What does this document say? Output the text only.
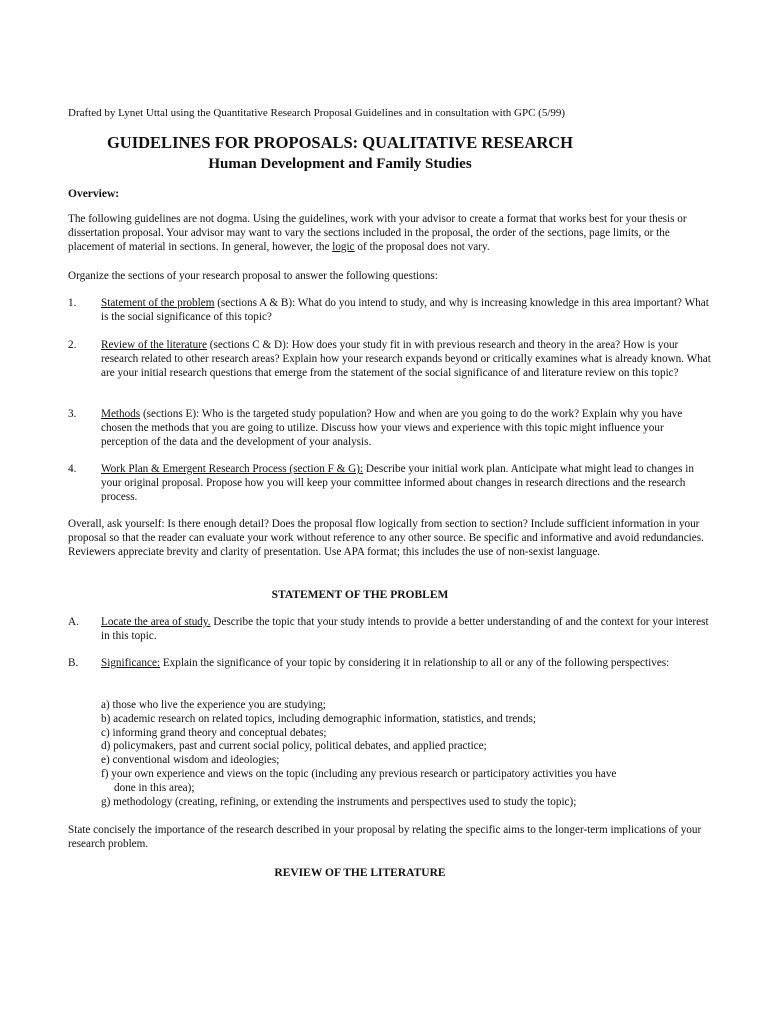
Drafted by Lynet Uttal using the Quantitative Research Proposal Guidelines and in consultation with GPC (5/99)
GUIDELINES FOR PROPOSALS: QUALITATIVE RESEARCH
Human Development and Family Studies
Overview:
The following guidelines are not dogma. Using the guidelines, work with your advisor to create a format that works best for your thesis or dissertation proposal. Your advisor may want to vary the sections included in the proposal, the order of the sections, page limits, or the placement of material in sections. In general, however, the logic of the proposal does not vary.
Organize the sections of your research proposal to answer the following questions:
1. Statement of the problem (sections A & B): What do you intend to study, and why is increasing knowledge in this area important? What is the social significance of this topic?
2. Review of the literature (sections C & D): How does your study fit in with previous research and theory in the area? How is your research related to other research areas? Explain how your research expands beyond or critically examines what is already known. What are your initial research questions that emerge from the statement of the social significance of and literature review on this topic?
3. Methods (sections E): Who is the targeted study population? How and when are you going to do the work? Explain why you have chosen the methods that you are going to utilize. Discuss how your views and experience with this topic might influence your perception of the data and the development of your analysis.
4. Work Plan & Emergent Research Process (section F & G): Describe your initial work plan. Anticipate what might lead to changes in your original proposal. Propose how you will keep your committee informed about changes in research directions and the research process.
Overall, ask yourself: Is there enough detail? Does the proposal flow logically from section to section? Include sufficient information in your proposal so that the reader can evaluate your work without reference to any other source. Be specific and informative and avoid redundancies. Reviewers appreciate brevity and clarity of presentation. Use APA format; this includes the use of non-sexist language.
STATEMENT OF THE PROBLEM
A. Locate the area of study. Describe the topic that your study intends to provide a better understanding of and the context for your interest in this topic.
B. Significance: Explain the significance of your topic by considering it in relationship to all or any of the following perspectives:
a) those who live the experience you are studying;
b) academic research on related topics, including demographic information, statistics, and trends;
c) informing grand theory and conceptual debates;
d) policymakers, past and current social policy, political debates, and applied practice;
e) conventional wisdom and ideologies;
f) your own experience and views on the topic (including any previous research or participatory activities you have
done in this area);
g) methodology (creating, refining, or extending the instruments and perspectives used to study the topic);
State concisely the importance of the research described in your proposal by relating the specific aims to the longer-term implications of your research problem.
REVIEW OF THE LITERATURE
